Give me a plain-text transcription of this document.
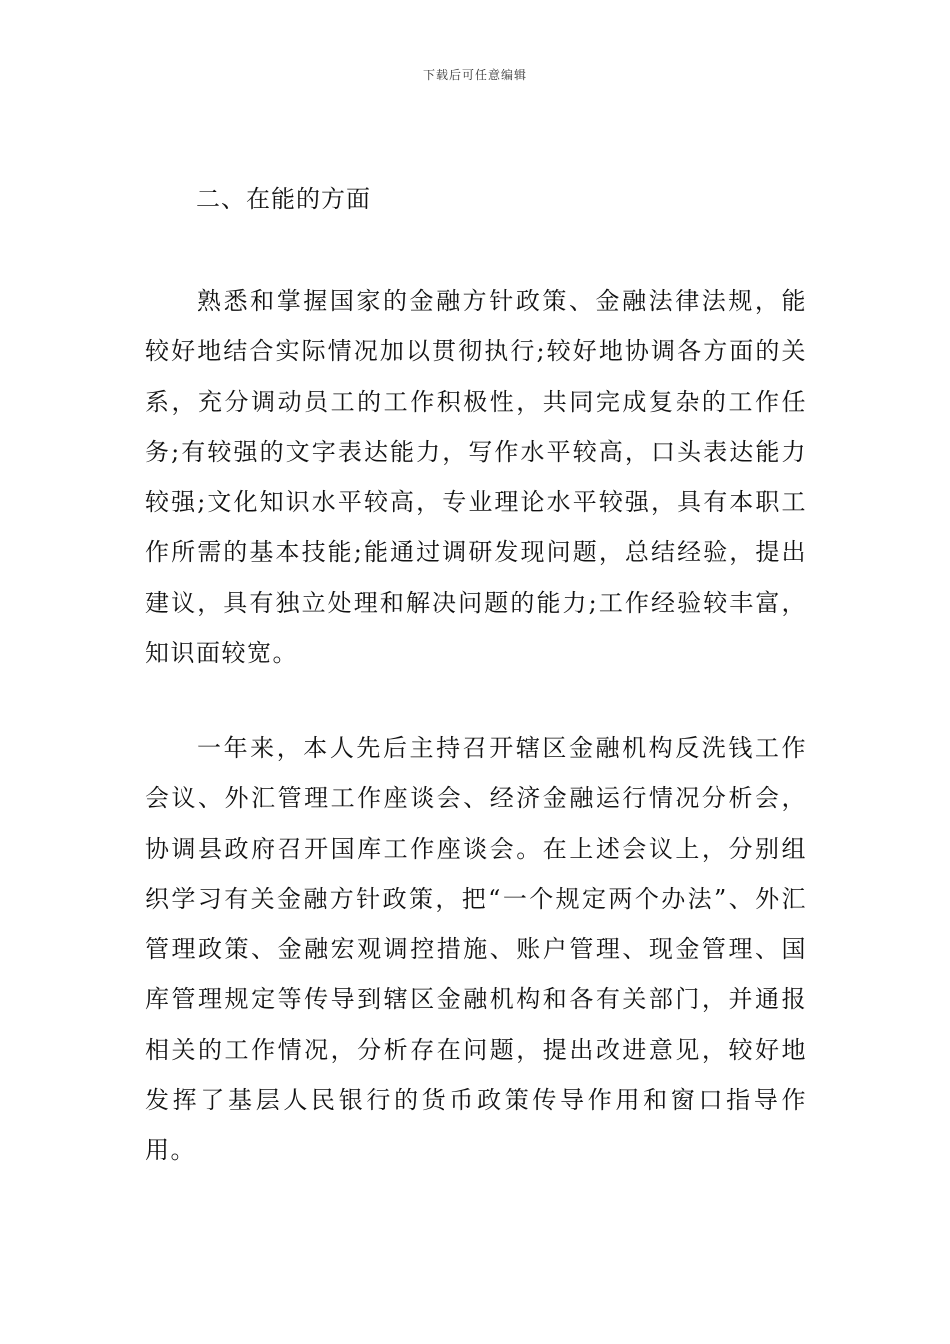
下载后可任意编辑
二、在能的方面

熟悉和掌握国家的金融方针政策、金融法律法规，能较好地结合实际情况加以贯彻执行;较好地协调各方面的关系，充分调动员工的工作积极性，共同完成复杂的工作任务;有较强的文字表达能力，写作水平较高，口头表达能力较强;文化知识水平较高，专业理论水平较强，具有本职工作所需的基本技能;能通过调研发现问题，总结经验，提出建议，具有独立处理和解决问题的能力;工作经验较丰富，知识面较宽。

一年来，本人先后主持召开辖区金融机构反洗钱工作会议、外汇管理工作座谈会、经济金融运行情况分析会，协调县政府召开国库工作座谈会。在上述会议上，分别组织学习有关金融方针政策，把“一个规定两个办法”、外汇管理政策、金融宏观调控措施、账户管理、现金管理、国库管理规定等传导到辖区金融机构和各有关部门，并通报相关的工作情况，分析存在问题，提出改进意见，较好地发挥了基层人民银行的货币政策传导作用和窗口指导作用。
